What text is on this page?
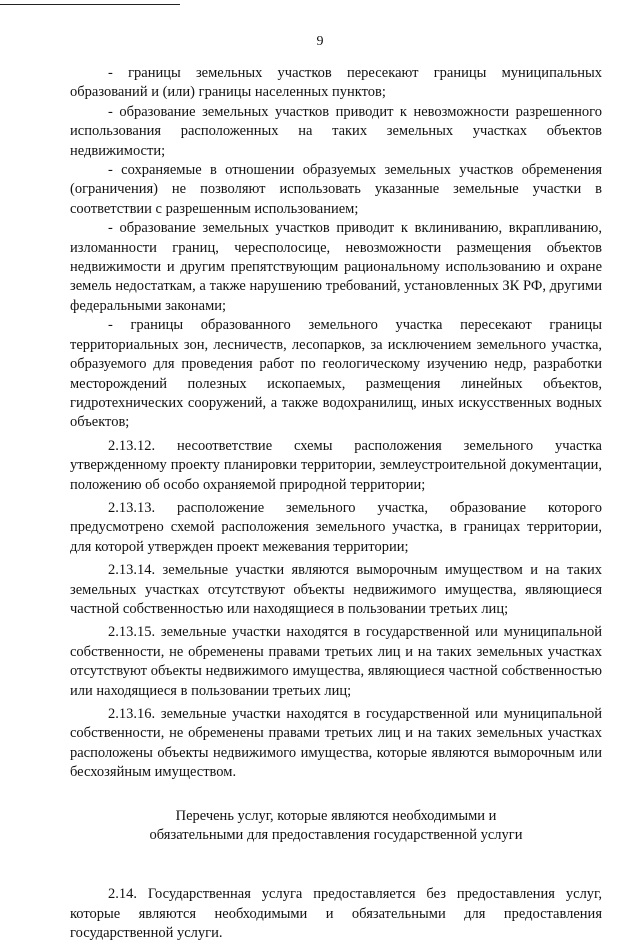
9

- границы земельных участков пересекают границы муниципальных образований и (или) границы населенных пунктов;

- образование земельных участков приводит к невозможности разрешенного использования расположенных на таких земельных участках объектов недвижимости;

- сохраняемые в отношении образуемых земельных участков обременения (ограничения) не позволяют использовать указанные земельные участки в соответствии с разрешенным использованием;

- образование земельных участков приводит к вклиниванию, вкрапливанию, изломанности границ, чересполосице, невозможности размещения объектов недвижимости и другим препятствующим рациональному использованию и охране земель недостаткам, а также нарушению требований, установленных ЗК РФ, другими федеральными законами;

- границы образованного земельного участка пересекают границы территориальных зон, лесничеств, лесопарков, за исключением земельного участка, образуемого для проведения работ по геологическому изучению недр, разработки месторождений полезных ископаемых, размещения линейных объектов, гидротехнических сооружений, а также водохранилищ, иных искусственных водных объектов;

2.13.12. несоответствие схемы расположения земельного участка утвержденному проекту планировки территории, землеустроительной документации, положению об особо охраняемой природной территории;

2.13.13. расположение земельного участка, образование которого предусмотрено схемой расположения земельного участка, в границах территории, для которой утвержден проект межевания территории;

2.13.14. земельные участки являются выморочным имуществом и на таких земельных участках отсутствуют объекты недвижимого имущества, являющиеся частной собственностью или находящиеся в пользовании третьих лиц;

2.13.15. земельные участки находятся в государственной или муниципальной собственности, не обременены правами третьих лиц и на таких земельных участках отсутствуют объекты недвижимого имущества, являющиеся частной собственностью или находящиеся в пользовании третьих лиц;

2.13.16. земельные участки находятся в государственной или муниципальной собственности, не обременены правами третьих лиц и на таких земельных участках расположены объекты недвижимого имущества, которые являются выморочным или бесхозяйным имуществом.

Перечень услуг, которые являются необходимыми и
обязательными для предоставления государственной услуги

2.14. Государственная услуга предоставляется без предоставления услуг, которые являются необходимыми и обязательными для предоставления государственной услуги.
